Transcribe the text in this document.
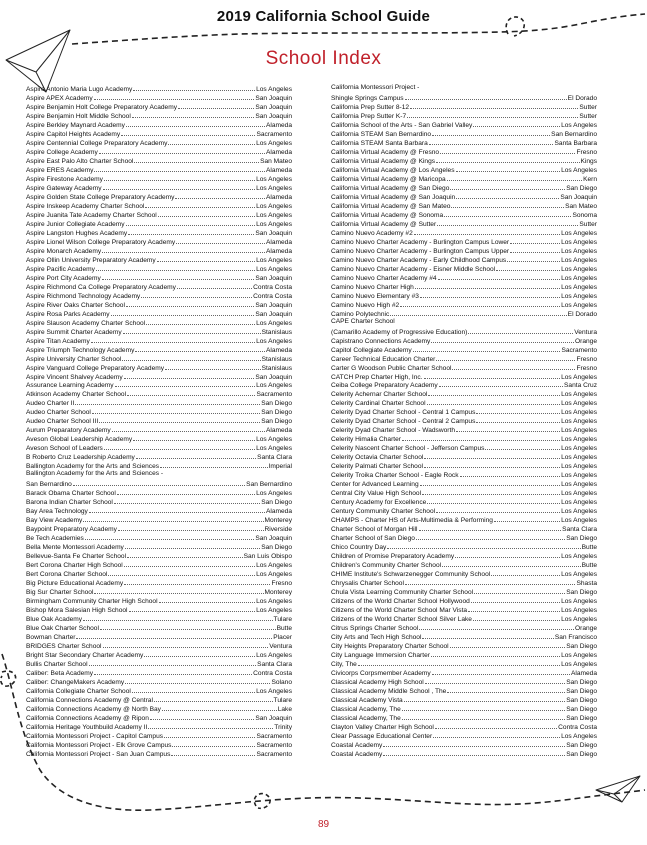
2019 California School Guide
School Index
Aspire Antonio Maria Lugo Academy	Los Angeles
Aspire APEX Academy	San Joaquin
Aspire Benjamin Holt College Preparatory Academy	San Joaquin
Aspire Benjamin Holt Middle School	San Joaquin
Aspire Berkley Maynard Academy	Alameda
Aspire Capitol Heights Academy	Sacramento
Aspire Centennial College Preparatory Academy	Los Angeles
Aspire College Academy	Alameda
Aspire East Palo Alto Charter School	San Mateo
Aspire ERES Academy	Alameda
Aspire Firestone Academy	Los Angeles
Aspire Gateway Academy	Los Angeles
Aspire Golden State College Preparatory Academy	Alameda
Aspire Inskeep Academy Charter School	Los Angeles
Aspire Juanita Tate Academy Charter School	Los Angeles
Aspire Junior Collegiate Academy	Los Angeles
Aspire Langston Hughes Academy	San Joaquin
Aspire Lionel Wilson College Preparatory Academy	Alameda
Aspire Monarch Academy	Alameda
Aspire Ollin University Preparatory Academy	Los Angeles
Aspire Pacific Academy	Los Angeles
Aspire Port City Academy	San Joaquin
Aspire Richmond Ca College Preparatory Academy	Contra Costa
Aspire Richmond Technology Academy	Contra Costa
Aspire River Oaks Charter School	San Joaquin
Aspire Rosa Parks Academy	San Joaquin
Aspire Slauson Academy Charter School	Los Angeles
Aspire Summit Charter Academy	Stanislaus
Aspire Titan Academy	Los Angeles
Aspire Triumph Technology Academy	Alameda
Aspire University Charter School	Stanislaus
Aspire Vanguard College Preparatory Academy	Stanislaus
Aspire Vincent Shalvey Academy	San Joaquin
Assurance Learning Academy	Los Angeles
Atkinson Academy Charter School	Sacramento
Audeo Charter II	San Diego
Audeo Charter School	San Diego
Audeo Charter School III	San Diego
Aurum Preparatory Academy	Alameda
Aveson Global Leadership Academy	Los Angeles
Aveson School of Leaders	Los Angeles
B Roberto Cruz Leadership Academy	Santa Clara
Ballington Academy for the Arts and Sciences	Imperial
Ballington Academy for the Arts and Sciences -
San Bernardino	San Bernardino
Barack Obama Charter School	Los Angeles
Barona Indian Charter School	San Diego
Bay Area Technology	Alameda
Bay View Academy	Monterey
Baypoint Preparatory Academy	Riverside
Be Tech Academies	San Joaquin
Bella Mente Montessori Academy	San Diego
Bellevue-Santa Fe Charter School	San Luis Obispo
Bert Corona Charter High School	Los Angeles
Bert Corona Charter School	Los Angeles
Big Picture Educational Academy	Fresno
Big Sur Charter School	Monterey
Birmingham Community Charter High School	Los Angeles
Bishop Mora Salesian High School	Los Angeles
Blue Oak Academy	Tulare
Blue Oak Charter School	Butte
Bowman Charter	Placer
BRIDGES Charter School	Ventura
Bright Star Secondary Charter Academy	Los Angeles
Bullis Charter School	Santa Clara
Caliber: Beta Academy	Contra Costa
Caliber: ChangeMakers Academy	Solano
California Collegiate Charter School	Los Angeles
California Connections Academy @ Central	Tulare
California Connections Academy @ North Bay	Lake
California Connections Academy @ Ripon	San Joaquin
California Heritage Youthbuild Academy II	Trinity
California Montessori Project - Capitol Campus	Sacramento
California Montessori Project - Elk Grove Campus	Sacramento
California Montessori Project - San Juan Campus	Sacramento
California Montessori Project -
Shingle Springs Campus	El Dorado
California Prep Sutter 8-12	Sutter
California Prep Sutter K-7	Sutter
California School of the Arts - San Gabriel Valley	Los Angeles
California STEAM San Bernardino	San Bernardino
California STEAM Santa Barbara	Santa Barbara
California Virtual Academy @ Fresno	Fresno
California Virtual Academy @ Kings	Kings
California Virtual Academy @ Los Angeles	Los Angeles
California Virtual Academy @ Maricopa	Kern
California Virtual Academy @ San Diego	San Diego
California Virtual Academy @ San Joaquin	San Joaquin
California Virtual Academy @ San Mateo	San Mateo
California Virtual Academy @ Sonoma	Sonoma
California Virtual Academy @ Sutter	Sutter
Camino Nuevo Academy #2	Los Angeles
Camino Nuevo Charter Academy - Burlington Campus Lower	Los Angeles
Camino Nuevo Charter Academy - Burlington Campus Upper	Los Angeles
Camino Nuevo Charter Academy - Early Childhood Campus	Los Angeles
Camino Nuevo Charter Academy - Eisner Middle School	Los Angeles
Camino Nuevo Charter Academy #4	Los Angeles
Camino Nuevo Charter High	Los Angeles
Camino Nuevo Elementary #3	Los Angeles
Camino Nuevo High #2	Los Angeles
Camino Polytechnic	El Dorado
CAPE Charter School
(Camarillo Academy of Progressive Education)	Ventura
Capistrano Connections Academy	Orange
Capitol Collegiate Academy	Sacramento
Career Technical Education Charter	Fresno
Carter G Woodson Public Charter School	Fresno
CATCH Prep Charter High, Inc.	Los Angeles
Ceiba College Preparatory Academy	Santa Cruz
Celerity Achernar Charter School	Los Angeles
Celerity Cardinal Charter School	Los Angeles
Celerity Dyad Charter School - Central 1 Campus	Los Angeles
Celerity Dyad Charter School - Central 2 Campus	Los Angeles
Celerity Dyad Charter School - Wadsworth	Los Angeles
Celerity Himalia Charter	Los Angeles
Celerity Nascent Charter School - Jefferson Campus	Los Angeles
Celerity Octavia Charter School	Los Angeles
Celerity Palmati Charter School	Los Angeles
Celerity Troika Charter School - Eagle Rock	Los Angeles
Center for Advanced Learning	Los Angeles
Central City Value High School	Los Angeles
Century Academy for Excellence	Los Angeles
Century Community Charter School	Los Angeles
CHAMPS - Charter HS of Arts-Multimedia & Performing	Los Angeles
Charter School of Morgan Hill	Santa Clara
Charter School of San Diego	San Diego
Chico Country Day	Butte
Children of Promise Preparatory Academy	Los Angeles
Children's Community Charter School	Butte
CHIME Institute's Schwarzenegger Community School	Los Angeles
Chrysalis Charter School	Shasta
Chula Vista Learning Community Charter School	San Diego
Citizens of the World Charter School Hollywood	Los Angeles
Citizens of the World Charter School Mar Vista	Los Angeles
Citizens of the World Charter School Silver Lake	Los Angeles
Citrus Springs Charter School	Orange
City Arts and Tech High School	San Francisco
City Heights Preparatory Charter School	San Diego
City Language Immersion Charter	Los Angeles
City, The	Los Angeles
Civicorps Corpsmember Academy	Alameda
Classical Academy High School	San Diego
Classical Academy Middle School , The	San Diego
Classical Academy Vista	San Diego
Classical Academy, The	San Diego
Classical Academy, The	San Diego
Clayton Valley Charter High School	Contra Costa
Clear Passage Educational Center	Los Angeles
Coastal Academy	San Diego
Coastal Academy	San Diego
89
